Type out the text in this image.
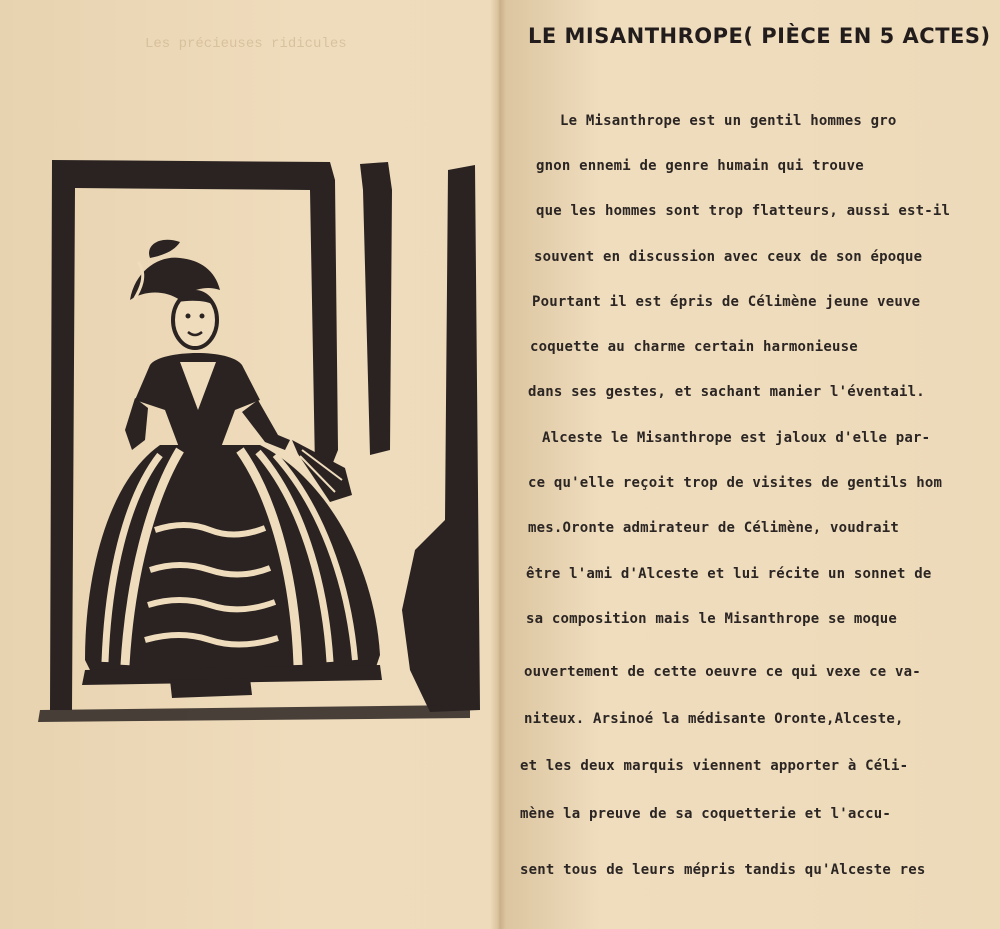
Les précieuses ridicules	LE MISANTHROPE( PIÈCE EN 5 ACTES)
Le Misanthrope est un gentil hommes gro
gnon ennemi de genre humain qui trouve
que les hommes sont trop flatteurs, aussi est-il
souvent en discussion avec ceux de son époque
Pourtant il est épris de Célimène jeune veuve
coquette au charme certain harmonieuse
dans ses gestes, et sachant manier l'éventail.
Alceste le Misanthrope est jaloux d'elle par-
ce qu'elle reçoit trop de visites de gentils hom
mes.Oronte admirateur de Célimène, voudrait
être l'ami d'Alceste et lui récite un sonnet de
sa composition mais le Misanthrope se moque
ouvertement de cette oeuvre ce qui vexe ce va-
niteux. Arsinoé la médisante Oronte,Alceste,
et les deux marquis viennent apporter à Céli-
mène la preuve de sa coquetterie et l'accu-
sent tous de leurs mépris tandis qu'Alceste res
